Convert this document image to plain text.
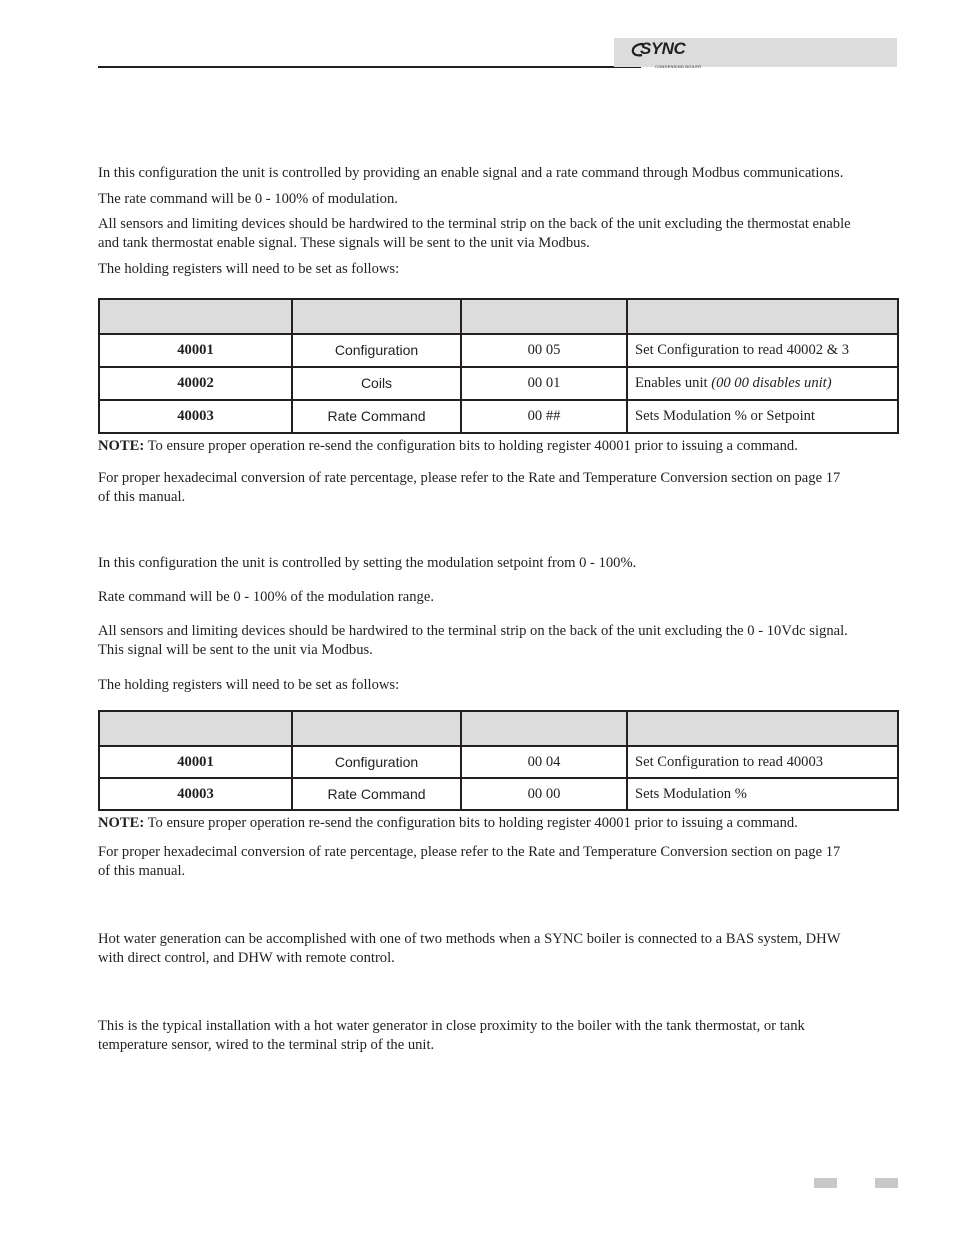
SYNC
CONDENSING BOILER

In this configuration the unit is controlled by providing an enable signal and a rate command through Modbus communications.

The rate command will be 0 - 100% of modulation.

All sensors and limiting devices should be hardwired to the terminal strip on the back of the unit excluding the thermostat enable
and tank thermostat enable signal. These signals will be sent to the unit via Modbus.

The holding registers will need to be set as follows:

40001	Configuration	00 05	Set Configuration to read 40002 & 3
40002	Coils	00 01	Enables unit (00 00 disables unit)
40003	Rate Command	00 ##	Sets Modulation % or Setpoint

NOTE: To ensure proper operation re-send the configuration bits to holding register 40001 prior to issuing a command.

For proper hexadecimal conversion of rate percentage, please refer to the Rate and Temperature Conversion section on page 17
of this manual.

In this configuration the unit is controlled by setting the modulation setpoint from 0 - 100%.

Rate command will be 0 - 100% of the modulation range.

All sensors and limiting devices should be hardwired to the terminal strip on the back of the unit excluding the 0 - 10Vdc signal.
This signal will be sent to the unit via Modbus.

The holding registers will need to be set as follows:

40001	Configuration	00 04	Set Configuration to read 40003
40003	Rate Command	00 00	Sets Modulation %

NOTE: To ensure proper operation re-send the configuration bits to holding register 40001 prior to issuing a command.

For proper hexadecimal conversion of rate percentage, please refer to the Rate and Temperature Conversion section on page 17
of this manual.

Hot water generation can be accomplished with one of two methods when a SYNC boiler is connected to a BAS system, DHW
with direct control, and DHW with remote control.

This is the typical installation with a hot water generator in close proximity to the boiler with the tank thermostat, or tank
temperature sensor, wired to the terminal strip of the unit.
